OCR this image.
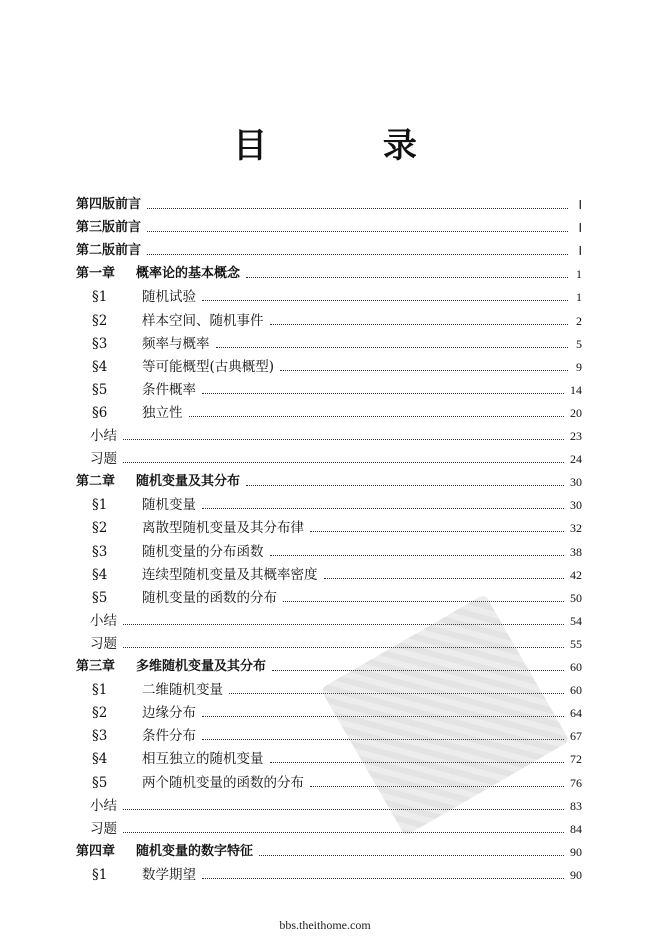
目 录
第四版前言	Ⅰ
第三版前言	Ⅰ
第二版前言	Ⅰ
第一章 概率论的基本概念	1
§1	随机试验	1
§2	样本空间、随机事件	2
§3	频率与概率	5
§4	等可能概型(古典概型)	9
§5	条件概率	14
§6	独立性	20
小结	23
习题	24
第二章 随机变量及其分布	30
§1	随机变量	30
§2	离散型随机变量及其分布律	32
§3	随机变量的分布函数	38
§4	连续型随机变量及其概率密度	42
§5	随机变量的函数的分布	50
小结	54
习题	55
第三章 多维随机变量及其分布	60
§1	二维随机变量	60
§2	边缘分布	64
§3	条件分布	67
§4	相互独立的随机变量	72
§5	两个随机变量的函数的分布	76
小结	83
习题	84
第四章 随机变量的数字特征	90
§1	数学期望	90
bbs.theithome.com
